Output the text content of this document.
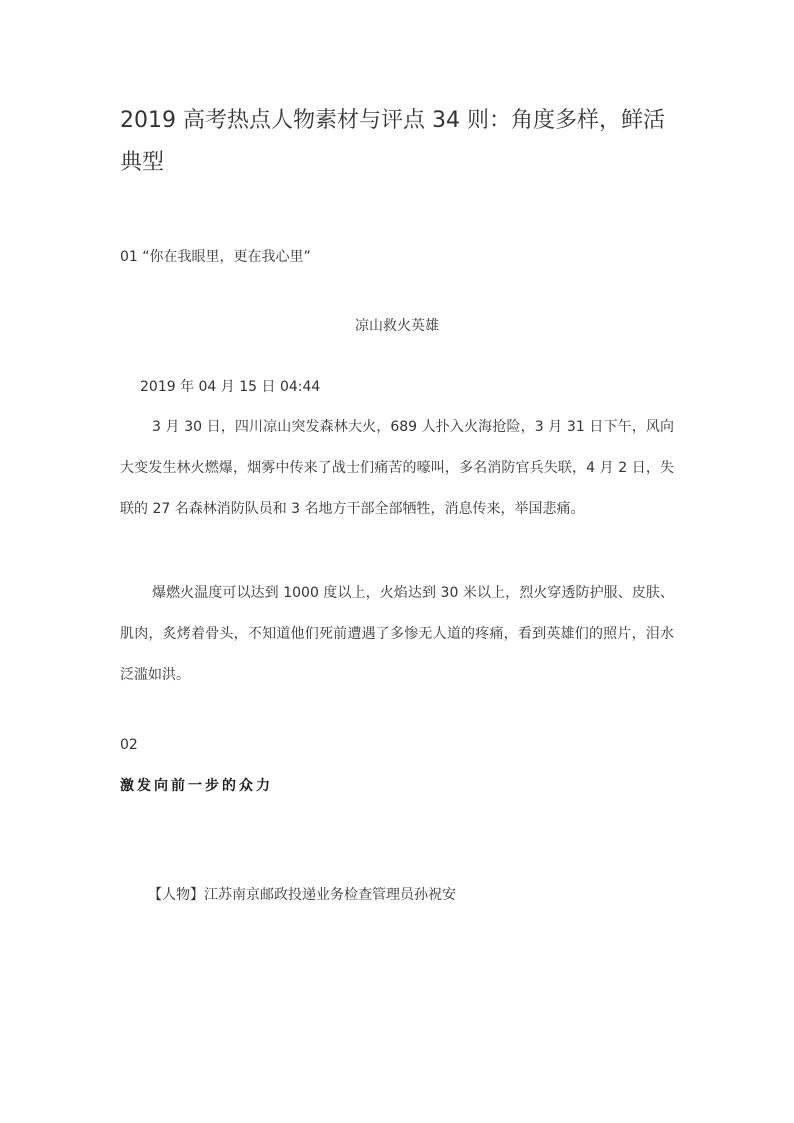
2019 高考热点人物素材与评点 34 则：角度多样，鲜活典型
01 “你在我眼里，更在我心里”
凉山救火英雄
2019 年 04 月 15 日 04:44

3 月 30 日，四川凉山突发森林大火，689 人扑入火海抢险，3 月 31 日下午，风向大变发生林火燃爆，烟雾中传来了战士们痛苦的嚎叫，多名消防官兵失联，4 月 2 日，失联的 27 名森林消防队员和 3 名地方干部全部牺牲，消息传来，举国悲痛。

爆燃火温度可以达到 1000 度以上，火焰达到 30 米以上，烈火穿透防护服、皮肤、肌肉，炙烤着骨头，不知道他们死前遭遇了多惨无人道的疼痛，看到英雄们的照片，泪水泛滥如洪。

02
激发向前一步的众力
【人物】江苏南京邮政投递业务检查管理员孙祝安
